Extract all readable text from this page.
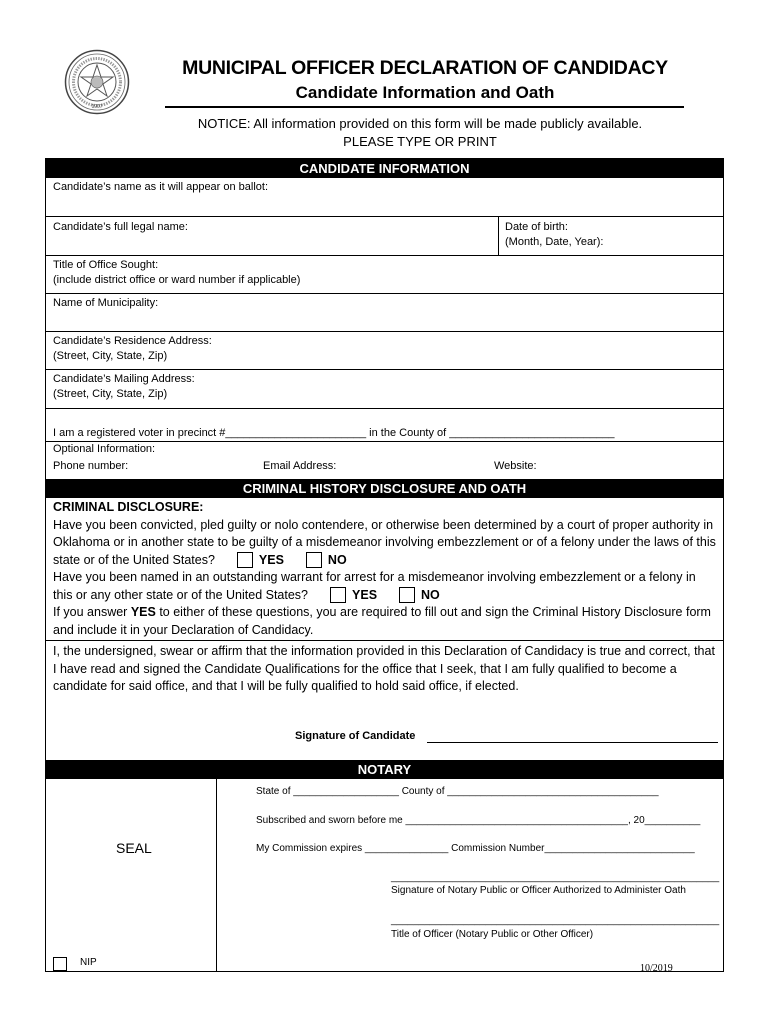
1907
MUNICIPAL OFFICER DECLARATION OF CANDIDACY
Candidate Information and Oath
NOTICE: All information provided on this form will be made publicly available.
PLEASE TYPE OR PRINT
CANDIDATE INFORMATION
Candidate’s name as it will appear on ballot:
Candidate’s full legal name:	Date of birth:
(Month, Date, Year):
Title of Office Sought:
(include district office or ward number if applicable)
Name of Municipality:
Candidate’s Residence Address:
(Street, City, State, Zip)
Candidate’s Mailing Address:
(Street, City, State, Zip)
I am a registered voter in precinct #_______________________ in the County of ___________________________
Optional Information:
Phone number:	Email Address:	Website:
CRIMINAL HISTORY DISCLOSURE AND OATH
CRIMINAL DISCLOSURE:
Have you been convicted, pled guilty or nolo contendere, or otherwise been determined by a court of proper authority in Oklahoma or in another state to be guilty of a misdemeanor involving embezzlement or of a felony under the laws of this state or of the United States?	YES	NO
Have you been named in an outstanding warrant for arrest for a misdemeanor involving embezzlement or a felony in this or any other state or of the United States?	YES	NO
If you answer YES to either of these questions, you are required to fill out and sign the Criminal History Disclosure form and include it in your Declaration of Candidacy.
I, the undersigned, swear or affirm that the information provided in this Declaration of Candidacy is true and correct, that I have read and signed the Candidate Qualifications for the office that I seek, that I am fully qualified to become a candidate for said office, and that I will be fully qualified to hold said office, if elected.
Signature of Candidate
NOTARY
SEAL
State of ___________________ County of ______________________________________
Subscribed and sworn before me ________________________________________, 20__________
My Commission expires _______________ Commission Number___________________________
___________________________________________________________
Signature of Notary Public or Officer Authorized to Administer Oath
___________________________________________________________
Title of Officer (Notary Public or Other Officer)
NIP
10/2019
